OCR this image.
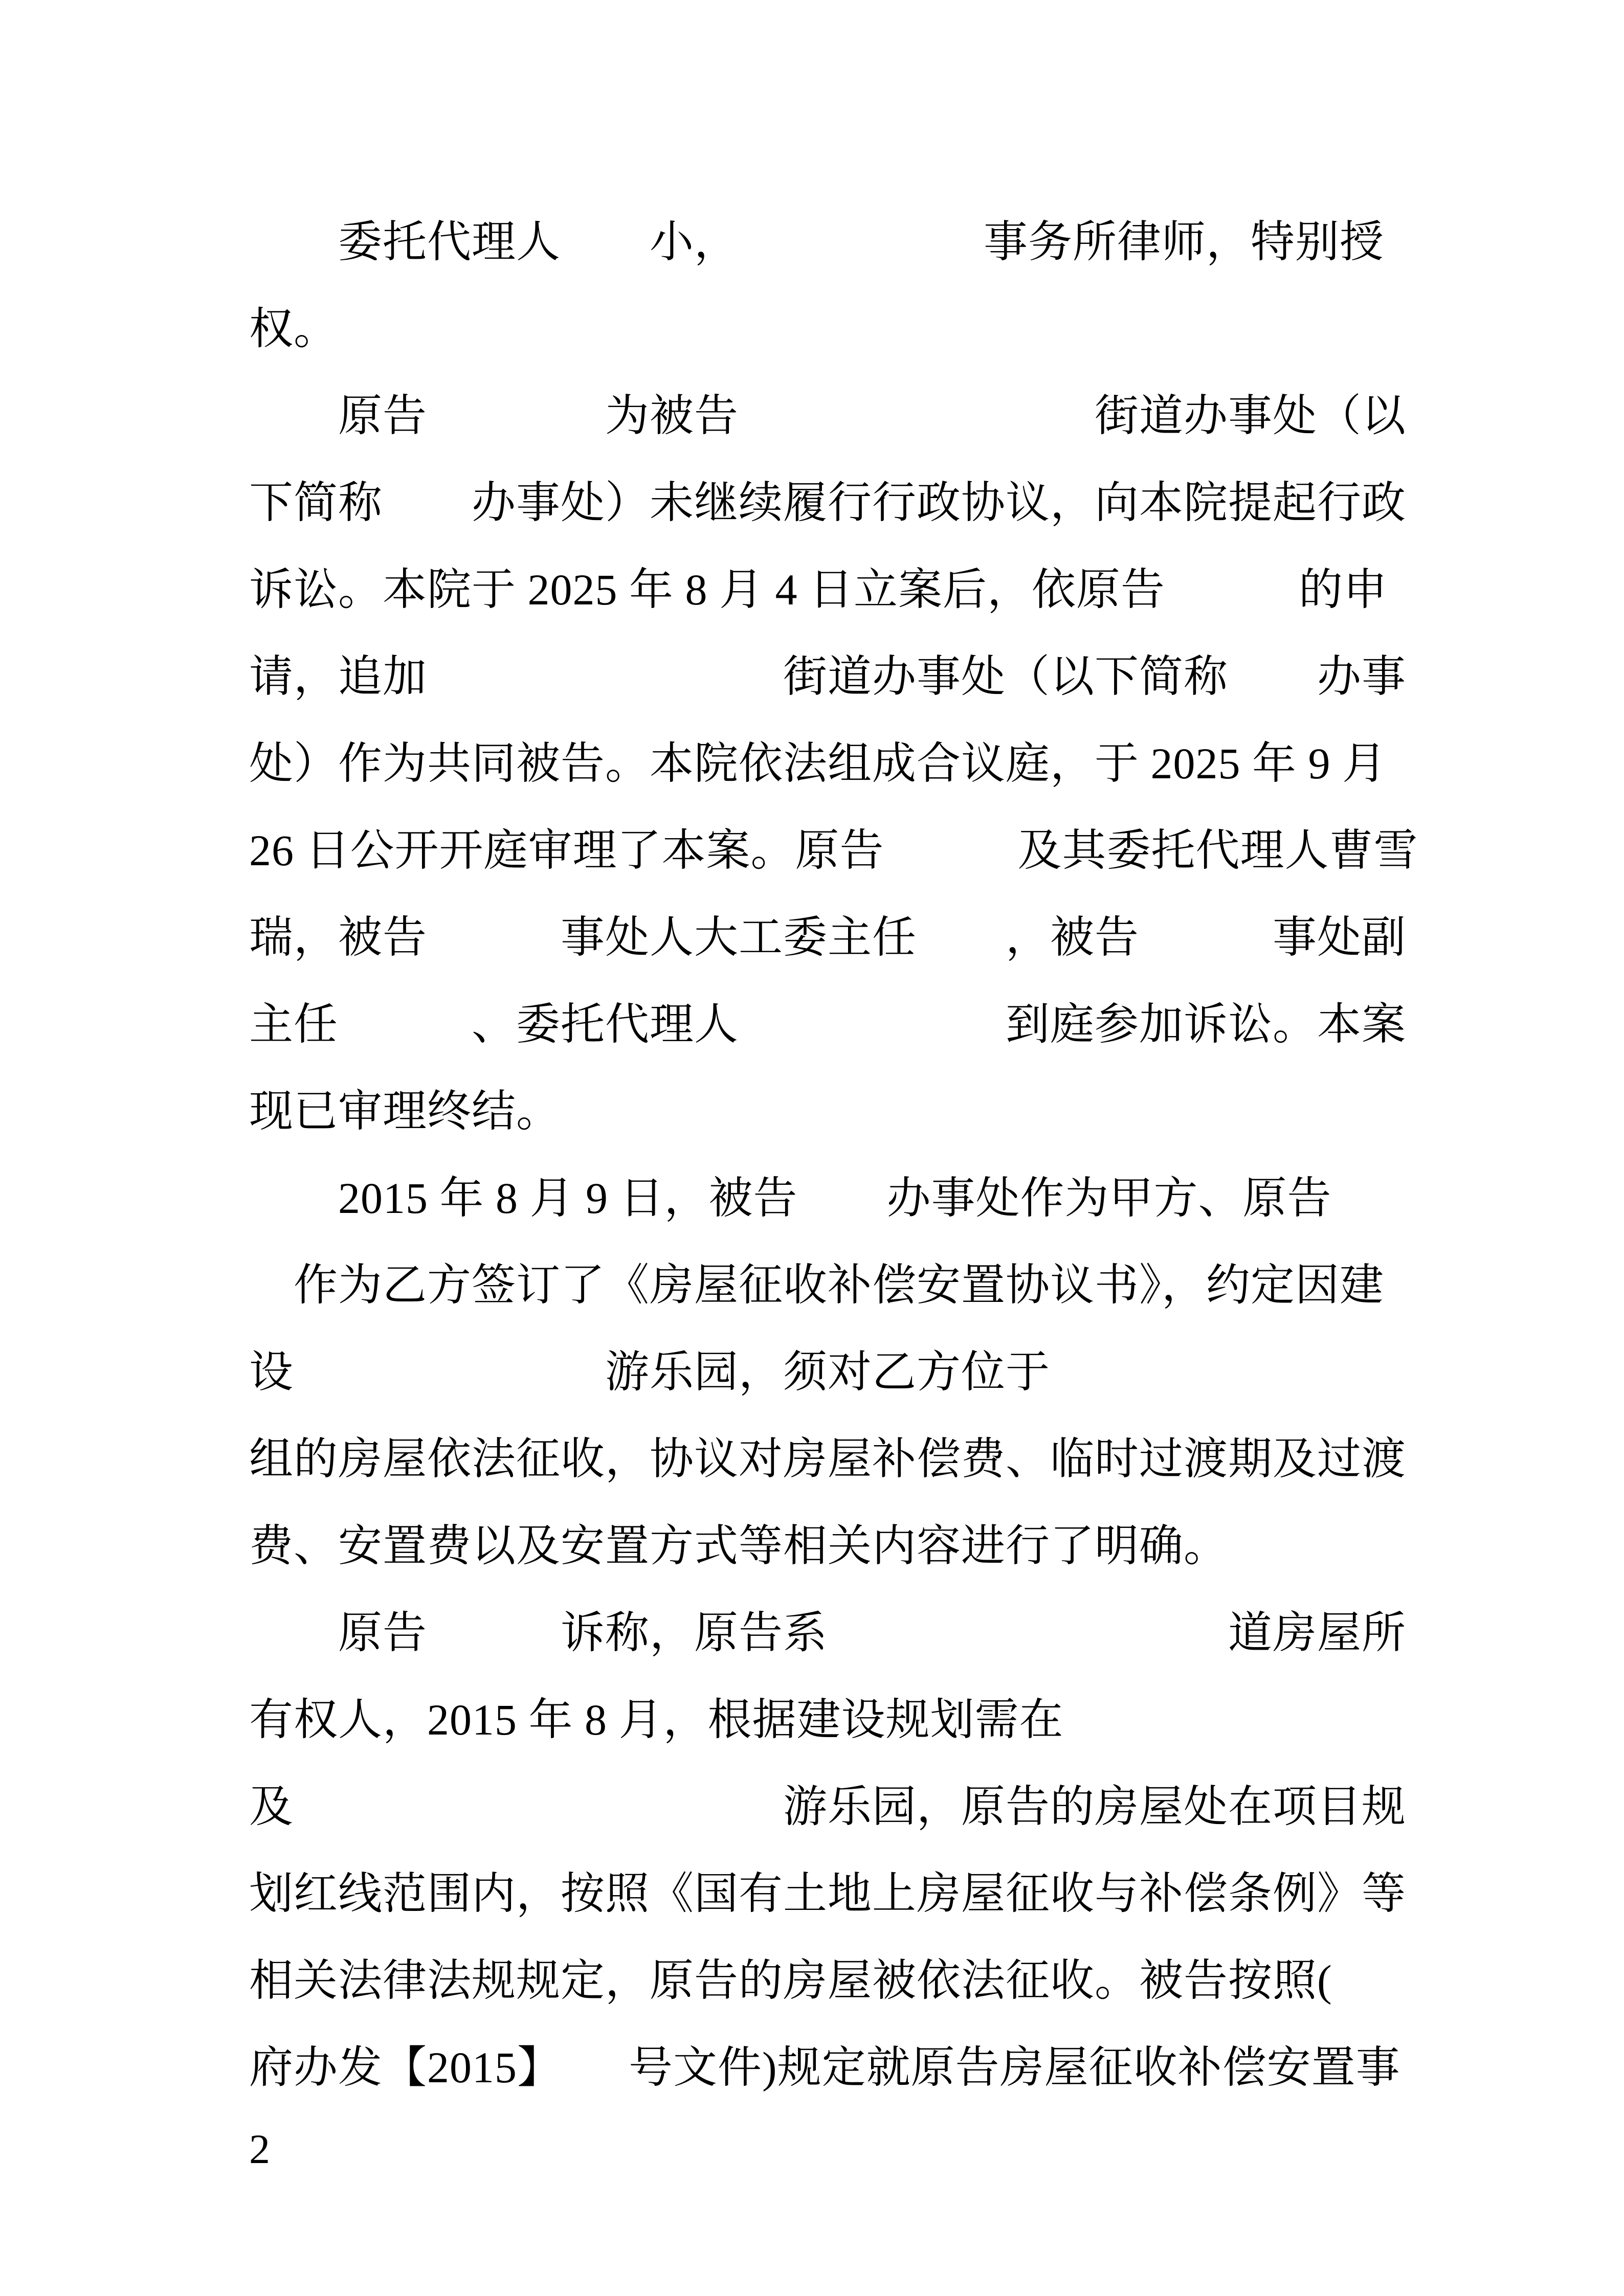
　　委托代理人　　小，　　　　　　事务所律师，特别授
权。
　　原告　　　　为被告　　　　　　　　街道办事处（以
下简称　　办事处）未继续履行行政协议，向本院提起行政
诉讼。本院于 2025 年 8 月 4 日立案后，依原告　　　的申
请，追加　　　　　　　　街道办事处（以下简称　　办事
处）作为共同被告。本院依法组成合议庭，于 2025 年 9 月
26 日公开开庭审理了本案。原告　　　及其委托代理人曹雪
瑞，被告　　　事处人大工委主任　　，被告　　　事处副
主任　　　、委托代理人　　　　　　到庭参加诉讼。本案
现已审理终结。
　　2015 年 8 月 9 日，被告　　办事处作为甲方、原告
　作为乙方签订了《房屋征收补偿安置协议书》，约定因建
设　　　　　　　游乐园，须对乙方位于
组的房屋依法征收，协议对房屋补偿费、临时过渡期及过渡
费、安置费以及安置方式等相关内容进行了明确。
　　原告　　　诉称，原告系　　　　　　　　　道房屋所
有权人，2015 年 8 月，根据建设规划需在
及　　　　　　　　　　　游乐园，原告的房屋处在项目规
划红线范围内，按照《国有土地上房屋征收与补偿条例》等
相关法律法规规定，原告的房屋被依法征收。被告按照(
府办发【2015】　　号文件)规定就原告房屋征收补偿安置事
2
